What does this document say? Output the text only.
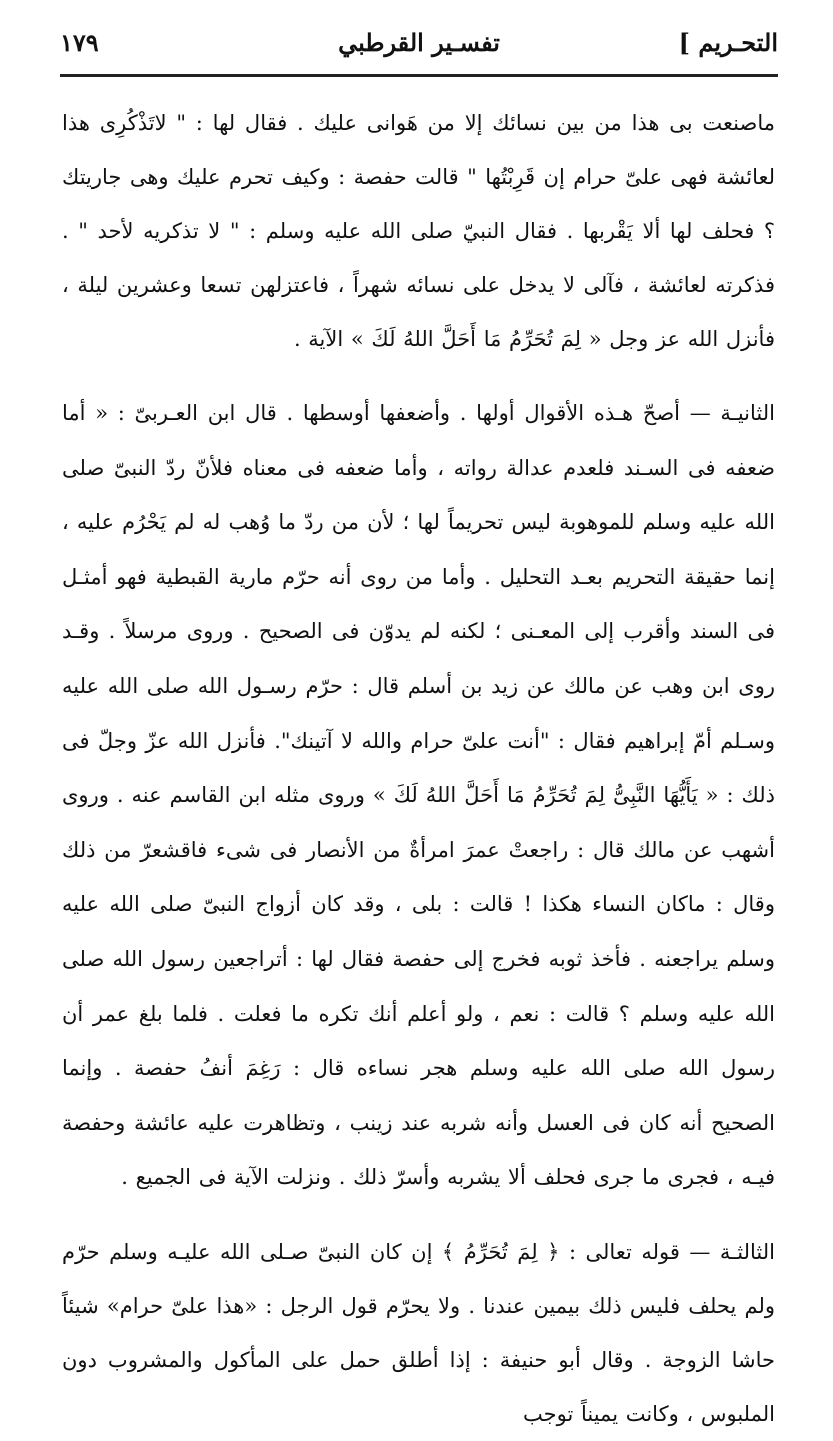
التحـريم ]
تفسـير القرطبي
١٧٩

ماصنعت بى هذا من بين نسائك إلا من هَوانى عليك . فقال لها : " لاتَذْكُرِى هذا لعائشة فهى علىّ حرام إن قَرِبْتُها " قالت حفصة : وكيف تحرم عليك وهى جاريتك ؟ فحلف لها ألا يَقْربها . فقال النبيّ صلى الله عليه وسلم : " لا تذكريه لأحد " . فذكرته لعائشة ، فآلى لا يدخل على نسائه شهراً ، فاعتزلهن تسعا وعشرين ليلة ، فأنزل الله عز وجل « لِمَ تُحَرِّمُ مَا أَحَلَّ اللهُ لَكَ » الآية .

الثانيـة — أصحّ هـذه الأقوال أولها . وأضعفها أوسطها . قال ابن العـربىّ : « أما ضعفه فى السـند فلعدم عدالة رواته ، وأما ضعفه فى معناه فلأنّ ردّ النبىّ صلى الله عليه وسلم للموهوبة ليس تحريماً لها ؛ لأن من ردّ ما وُهب له لم يَحْرُم عليه ، إنما حقيقة التحريم بعـد التحليل . وأما من روى أنه حرّم مارية القبطية فهو أمثـل فى السند وأقرب إلى المعـنى ؛ لكنه لم يدوّن فى الصحيح . وروى مرسلاً . وقـد روى ابن وهب عن مالك عن زيد بن أسلم قال : حرّم رسـول الله صلى الله عليه وسـلم أمّ إبراهيم فقال : "أنت علىّ حرام والله لا آتينك". فأنزل الله عزّ وجلّ فى ذلك : « يَأَيُّهَا النَّبِىُّ لِمَ تُحَرِّمُ مَا أَحَلَّ اللهُ لَكَ » وروى مثله ابن القاسم عنه . وروى أشهب عن مالك قال : راجعتْ عمرَ امرأةٌ من الأنصار فى شىء فاقشعرّ من ذلك وقال : ماكان النساء هكذا ! قالت : بلى ، وقد كان أزواج النبىّ صلى الله عليه وسلم يراجعنه . فأخذ ثوبه فخرج إلى حفصة فقال لها : أتراجعين رسول الله صلى الله عليه وسلم ؟ قالت : نعم ، ولو أعلم أنك تكره ما فعلت . فلما بلغ عمر أن رسول الله صلى الله عليه وسلم هجر نساءه قال : رَغِمَ أنفُ حفصة . وإنما الصحيح أنه كان فى العسل وأنه شربه عند زينب ، وتظاهرت عليه عائشة وحفصة فيـه ، فجرى ما جرى فحلف ألا يشربه وأسرّ ذلك . ونزلت الآية فى الجميع .

الثالثـة — قوله تعالى : ﴿ لِمَ تُحَرِّمُ ﴾ إن كان النبىّ صـلى الله عليـه وسلم حرّم ولم يحلف فليس ذلك بيمين عندنا . ولا يحرّم قول الرجل : «هذا علىّ حرام» شيئاً حاشا الزوجة . وقال أبو حنيفة : إذا أطلق حمل على المأكول والمشروب دون الملبوس ، وكانت يميناً توجب
